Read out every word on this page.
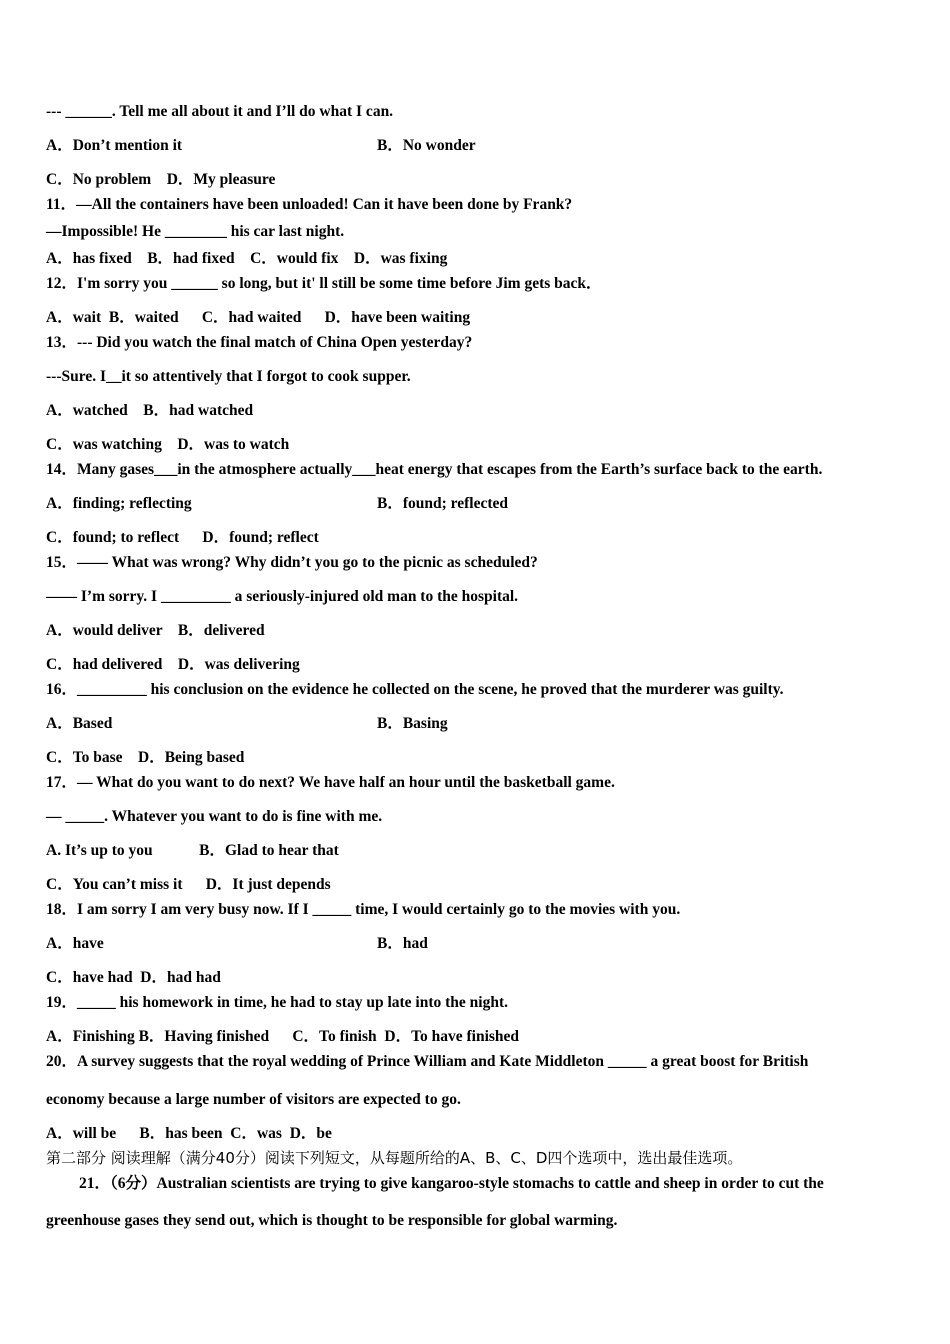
--- ______. Tell me all about it and I’ll do what I can.
A．Don’t mention it	B．No wonder
C．No problem    D．My pleasure
11．—All the containers have been unloaded! Can it have been done by Frank?
—Impossible! He ________ his car last night.
A．has fixed    B．had fixed    C．would fix    D．was fixing
12．I'm sorry you ______ so long, but it' ll still be some time before Jim gets back．
A．wait  B．waited      C．had waited      D．have been waiting
13．--- Did you watch the final match of China Open yesterday?
---Sure. I__it so attentively that I forgot to cook supper.
A．watched    B．had watched
C．was watching    D．was to watch
14．Many gases___in the atmosphere actually___heat energy that escapes from the Earth’s surface back to the earth.
A．finding; reflecting	B．found; reflected
C．found; to reflect      D．found; reflect
15．—— What was wrong? Why didn’t you go to the picnic as scheduled?
—— I’m sorry. I _________ a seriously-injured old man to the hospital.
A．would deliver    B．delivered
C．had delivered    D．was delivering
16．_________ his conclusion on the evidence he collected on the scene, he proved that the murderer was guilty.
A．Based	B．Basing
C．To base    D．Being based
17．— What do you want to do next? We have half an hour until the basketball game.
— _____. Whatever you want to do is fine with me.
A. It’s up to you            B．Glad to hear that
C．You can’t miss it      D．It just depends
18．I am sorry I am very busy now. If I _____ time, I would certainly go to the movies with you.
A．have	B．had
C．have had  D．had had
19．_____ his homework in time, he had to stay up late into the night.
A．Finishing B．Having finished      C．To finish  D．To have finished
20．A survey suggests that the royal wedding of Prince William and Kate Middleton _____ a great boost for British
economy because a large number of visitors are expected to go.
A．will be      B．has been  C．was  D．be
第二部分 阅读理解（满分40分）阅读下列短文，从每题所给的A、B、C、D四个选项中，选出最佳选项。
21．（6分）Australian scientists are trying to give kangaroo-style stomachs to cattle and sheep in order to cut the
greenhouse gases they send out, which is thought to be responsible for global warming.
